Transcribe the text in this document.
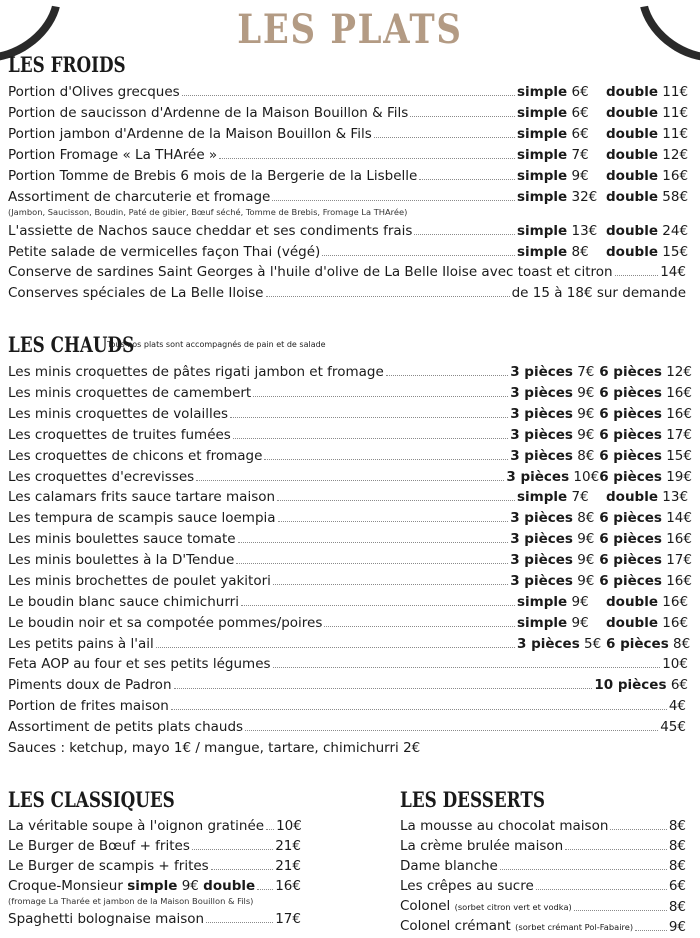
LES PLATS
LES FROIDS
Portion d'Olives grecques	simple 6€	double 11€
Portion de saucisson d'Ardenne de la Maison Bouillon & Fils	simple 6€	double 11€
Portion jambon d'Ardenne de la Maison Bouillon & Fils	simple 6€	double 11€
Portion Fromage « La THArée »	simple 7€	double 12€
Portion Tomme de Brebis 6 mois de la Bergerie de la Lisbelle	simple 9€	double 16€
Assortiment de charcuterie et fromage	simple 32€ double 58€
L'assiette de Nachos sauce cheddar et ses condiments frais	simple 13€ double 24€
Petite salade de vermicelles façon Thai (végé)	simple 8€	double 15€
(Jambon, Saucisson, Boudin, Paté de gibier, Bœuf séché, Tomme de Brebis, Fromage La THArée)
Conserve de sardines Saint Georges à l'huile d'olive de La Belle Iloise avec toast et citron	14€
Conserves spéciales de La Belle Iloise	de 15 à 18€ sur demande
LES CHAUDS
Tous nos plats sont accompagnés de pain et de salade
Les minis croquettes de pâtes rigati jambon et fromage	3 pièces 7€ 6 pièces 12€
Les minis croquettes de camembert	3 pièces 9€ 6 pièces 16€
Les minis croquettes de volailles	3 pièces 9€ 6 pièces 16€
Les croquettes de truites fumées	3 pièces 9€ 6 pièces 17€
Les croquettes de chicons et fromage	3 pièces 8€ 6 pièces 15€
Les croquettes d'ecrevisses	3 pièces 10€ 6 pièces 19€
Les calamars frits sauce tartare maison	simple 7€	double 13€
Les tempura de scampis sauce loempia	3 pièces 8€ 6 pièces 14€
Les minis boulettes sauce tomate	3 pièces 9€ 6 pièces 16€
Les minis boulettes à la D'Tendue	3 pièces 9€ 6 pièces 17€
Les minis brochettes de poulet yakitori	3 pièces 9€ 6 pièces 16€
Le boudin blanc sauce chimichurri	simple 9€	double 16€
Le boudin noir et sa compotée pommes/poires	simple 9€	double 16€
Les petits pains à l'ail	3 pièces 5€ 6 pièces 8€
Feta AOP au four et ses petits légumes	10€
Piments doux de Padron	10 pièces 6€
Portion de frites maison	4€
Assortiment de petits plats chauds	45€
Sauces : ketchup, mayo 1€ / mangue, tartare, chimichurri 2€
LES CLASSIQUES
La véritable soupe à l'oignon gratinée 10€
Le Burger de Bœuf + frites	21€
Le Burger de scampis + frites	21€
Croque-Monsieur simple 9€ double 16€
(fromage La Tharée et jambon de la Maison Bouillon & Fils)
Spaghetti bolognaise maison	17€
LES DESSERTS
La mousse au chocolat maison	8€
La crème brulée maison	8€
Dame blanche	8€
Les crêpes au sucre	6€
Colonel (sorbet citron vert et vodka)	8€
Colonel crémant (sorbet crémant Pol-Fabaire)	9€
